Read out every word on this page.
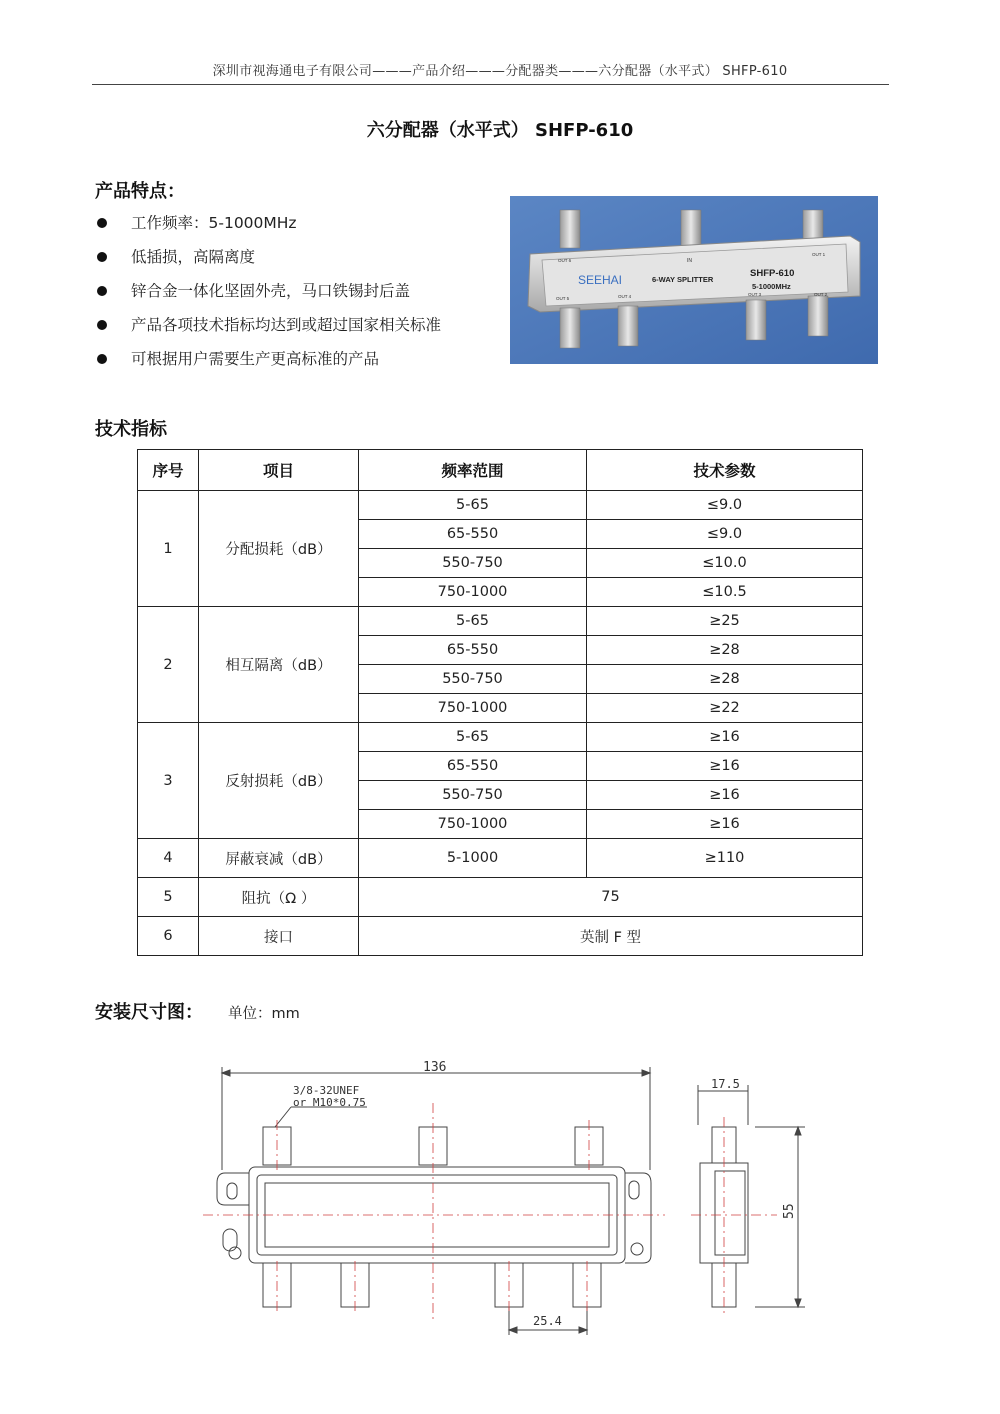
深圳市视海通电子有限公司———产品介绍———分配器类———六分配器（水平式） SHFP-610
六分配器（水平式） SHFP-610
产品特点：
工作频率：5-1000MHz
低插损，高隔离度
锌合金一体化坚固外壳，马口铁锡封后盖
产品各项技术指标均达到或超过国家相关标准
可根据用户需要生产更高标准的产品
SEEHAI	6-WAY SPLITTER
SHFP-610
5-1000MHz
IN
OUT 6
OUT 1
OUT 5	OUT 4	OUT 3	OUT 2
技术指标
序号	项目	频率范围	技术参数
1	分配损耗（dB）	5-65	≤9.0
		65-550	≤9.0
		550-750	≤10.0
		750-1000	≤10.5
2	相互隔离（dB）	5-65	≥25
		65-550	≥28
		550-750	≥28
		750-1000	≥22
3	反射损耗（dB）	5-65	≥16
		65-550	≥16
		550-750	≥16
		750-1000	≥16
4	屏蔽衰减（dB）	5-1000	≥110
5	阻抗（Ω ）	75	
6	接口	英制 F 型	
安装尺寸图： 单位：mm
136
3/8-32UNEF
or M10*0.75
17.5
55
25.4
